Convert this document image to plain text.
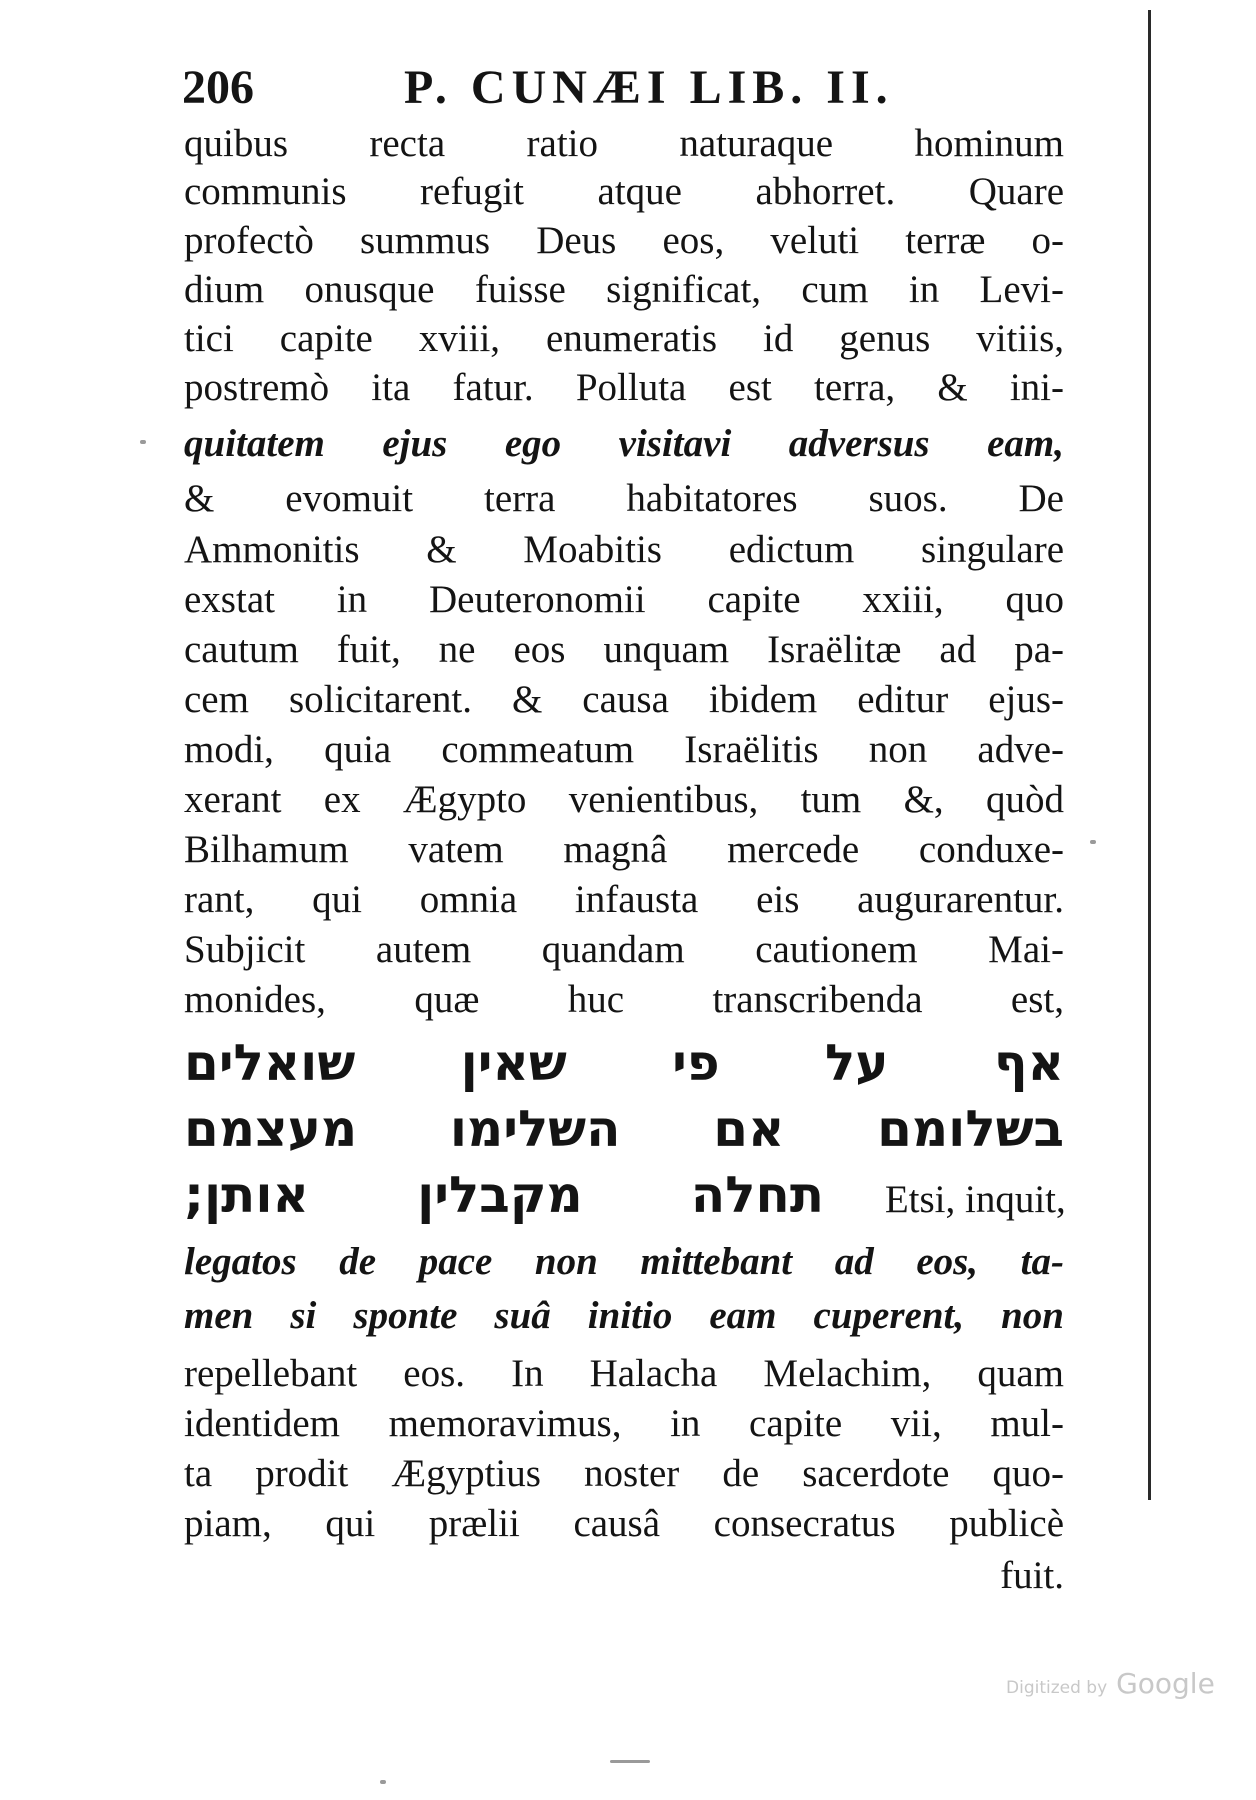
206	P. CUNÆI LIB. II.
quibus recta ratio naturaque hominum
communis refugit atque abhorret. Quare
profectò summus Deus eos, veluti terræ o-
dium onusque fuisse significat, cum in Levi-
tici capite xviii, enumeratis id genus vitiis,
postremò ita fatur. Polluta est terra, & ini-
quitatem ejus ego visitavi adversus eam,
& evomuit terra habitatores suos. De
Ammonitis & Moabitis edictum singulare
exstat in Deuteronomii capite xxiii, quo
cautum fuit, ne eos unquam Israëlitæ ad pa-
cem solicitarent. & causa ibidem editur ejus-
modi, quia commeatum Israëlitis non adve-
xerant ex Ægypto venientibus, tum &, quòd
Bilhamum vatem magnâ mercede conduxe-
rant, qui omnia infausta eis augurarentur.
Subjicit autem quandam cautionem Mai-
monides, quæ huc transcribenda est,
אף על פי שאין שואלים
בשלומם אם השלימו מעצמם
תחלה מקבלין אותן; Etsi, inquit,
legatos de pace non mittebant ad eos, ta-
men si sponte suâ initio eam cuperent, non
repellebant eos. In Halacha Melachim, quam
identidem memoravimus, in capite vii, mul-
ta prodit Ægyptius noster de sacerdote quo-
piam, qui prælii causâ consecratus publicè
fuit.
Digitized by Google
